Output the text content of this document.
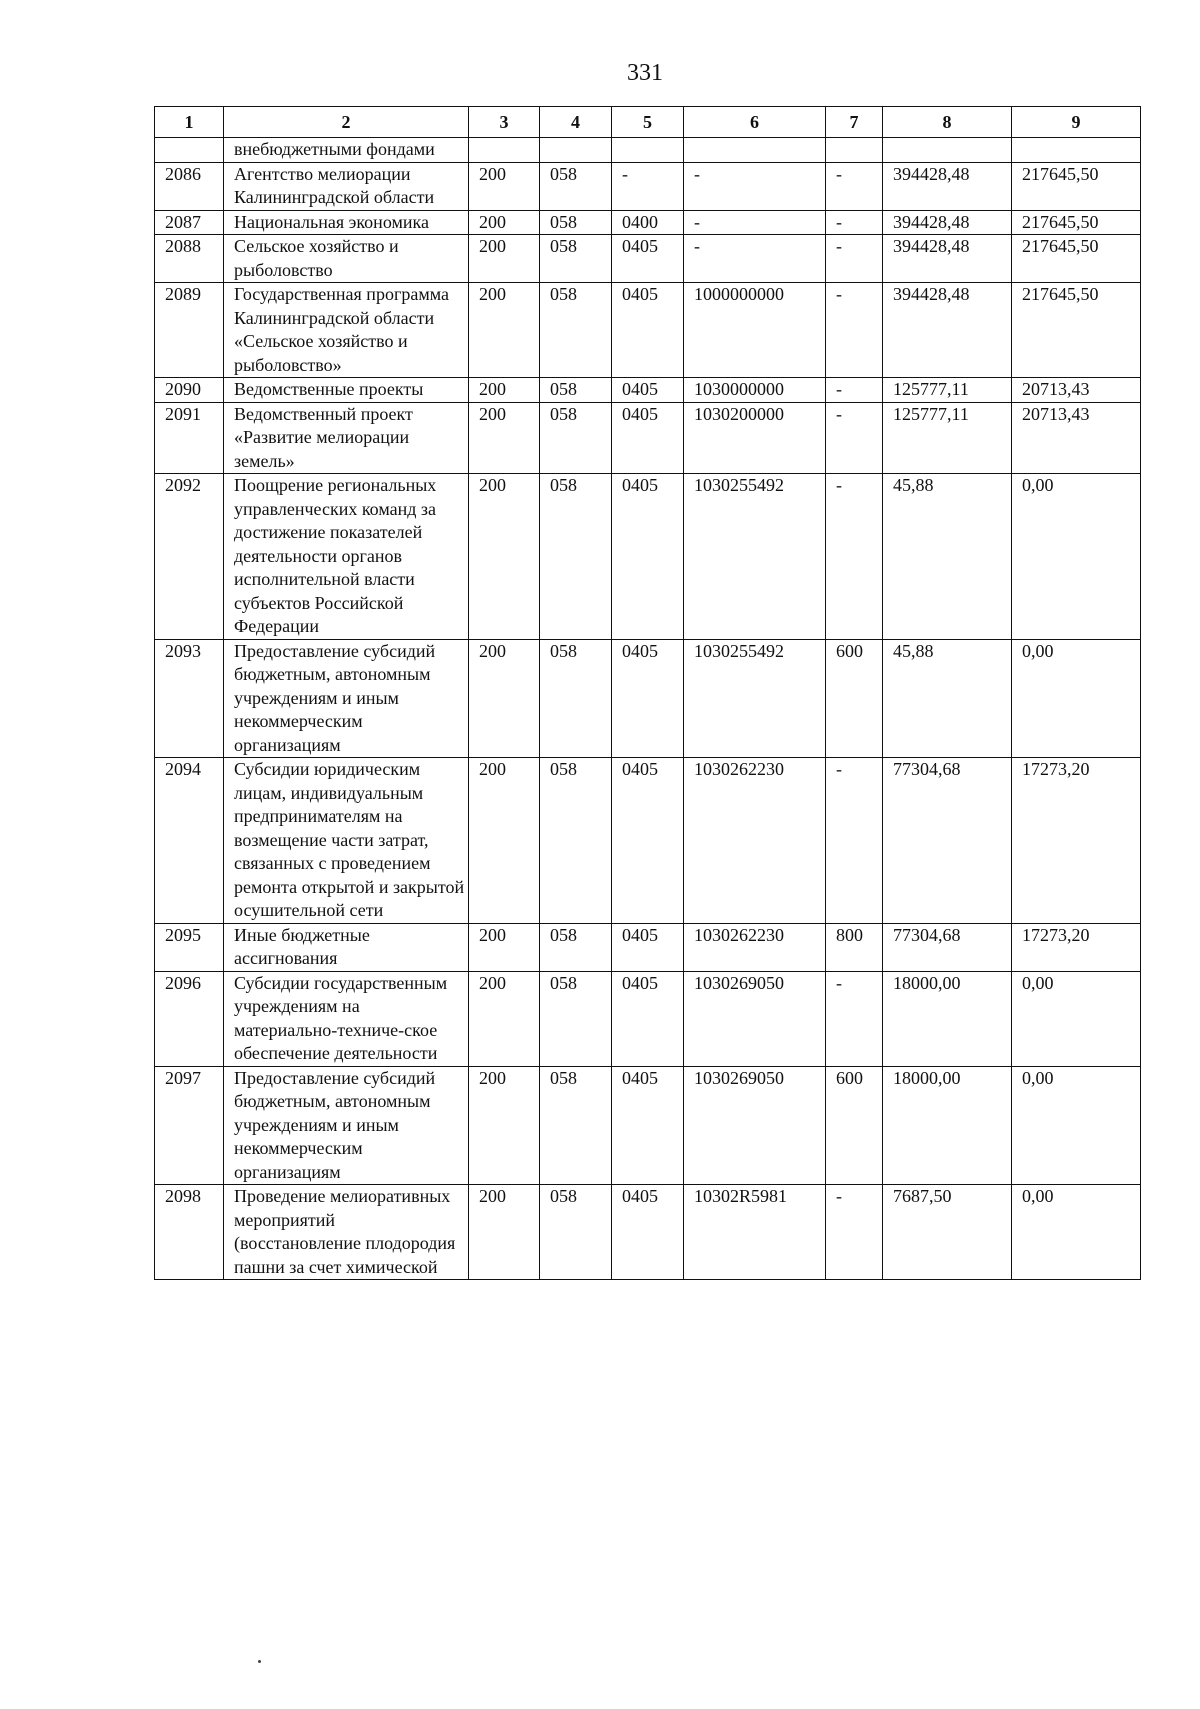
331
1	2	3	4	5	6	7	8	9
	внебюджетными фондами							
2086	Агентство мелиорации Калининградской области	200	058	-	-	-	394428,48	217645,50
2087	Национальная экономика	200	058	0400	-	-	394428,48	217645,50
2088	Сельское хозяйство и рыболовство	200	058	0405	-	-	394428,48	217645,50
2089	Государственная программа Калининградской области «Сельское хозяйство и рыболовство»	200	058	0405	1000000000	-	394428,48	217645,50
2090	Ведомственные проекты	200	058	0405	1030000000	-	125777,11	20713,43
2091	Ведомственный проект «Развитие мелиорации земель»	200	058	0405	1030200000	-	125777,11	20713,43
2092	Поощрение региональных управленческих команд за достижение показателей деятельности органов исполнительной власти субъектов Российской Федерации	200	058	0405	1030255492	-	45,88	0,00
2093	Предоставление субсидий бюджетным, автономным учреждениям и иным некоммерческим организациям	200	058	0405	1030255492	600	45,88	0,00
2094	Субсидии юридическим лицам, индивидуальным предпринимателям на возмещение части затрат, связанных с проведением ремонта открытой и закрытой осушительной сети	200	058	0405	1030262230	-	77304,68	17273,20
2095	Иные бюджетные ассигнования	200	058	0405	1030262230	800	77304,68	17273,20
2096	Субсидии государственным учреждениям на материально-техниче-ское обеспечение деятельности	200	058	0405	1030269050	-	18000,00	0,00
2097	Предоставление субсидий бюджетным, автономным учреждениям и иным некоммерческим организациям	200	058	0405	1030269050	600	18000,00	0,00
2098	Проведение мелиоративных мероприятий (восстановление плодородия пашни за счет химической	200	058	0405	10302R5981	-	7687,50	0,00
